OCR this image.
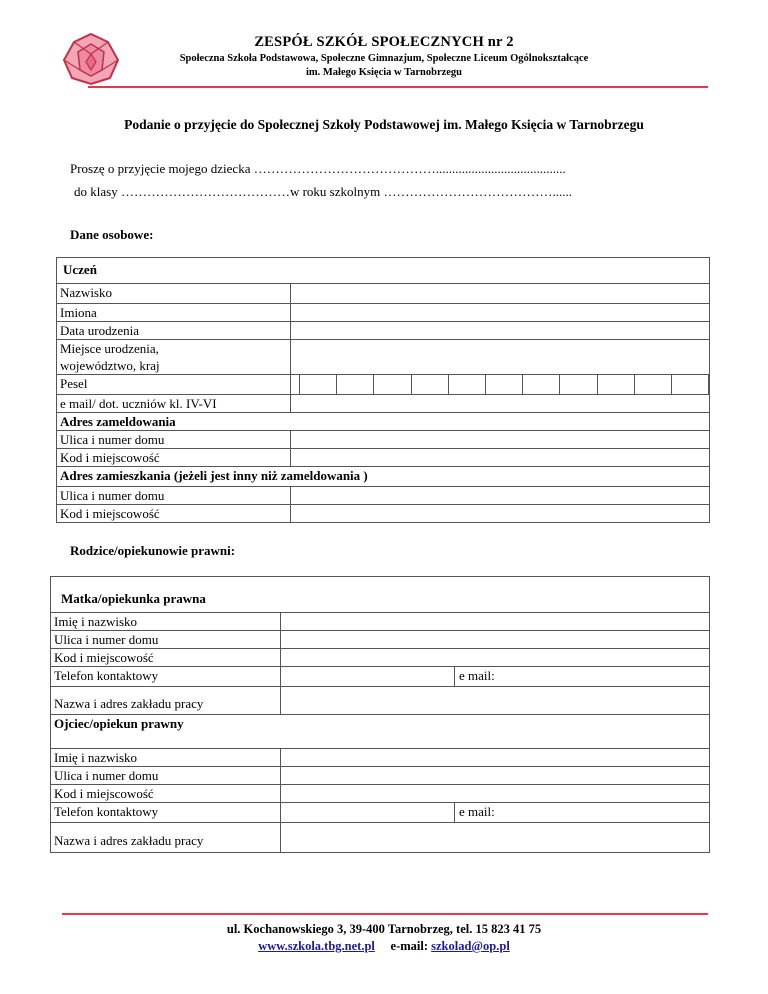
ZESPÓŁ SZKÓŁ SPOŁECZNYCH nr 2
Społeczna Szkoła Podstawowa, Społeczne Gimnazjum, Społeczne Liceum Ogólnokształcące
im. Małego Księcia w Tarnobrzegu
Podanie o przyjęcie do Społecznej Szkoły Podstawowej im. Małego Księcia w Tarnobrzegu
Proszę o przyjęcie mojego dziecka ……………………………………........................................
do klasy …………………………………w roku szkolnym …………………………………......
Dane osobowe:
Uczeń	
Nazwisko	
Imiona	
Data urodzenia	

Miejsce urodzenia,
województwo, kraj	

Pesel	

e mail/ dot. uczniów kl. IV-VI	
Adres zameldowania	
Ulica i numer domu	
Kod i miejscowość	
Adres zamieszkania (jeżeli jest inny niż zameldowania )	
Ulica i numer domu	
Kod i miejscowość	
Rodzice/opiekunowie prawni:
Matka/opiekunka prawna		
Imię i nazwisko		
Ulica i numer domu		
Kod i miejscowość		
Telefon kontaktowy		e mail:
Nazwa i adres zakładu pracy		
Ojciec/opiekun prawny		
Imię i nazwisko		
Ulica i numer domu		
Kod i miejscowość		
Telefon kontaktowy		e mail:
Nazwa i adres zakładu pracy		
ul. Kochanowskiego 3, 39-400 Tarnobrzeg, tel. 15 823 41 75
www.szkola.tbg.net.pl e-mail: szkolad@op.pl
